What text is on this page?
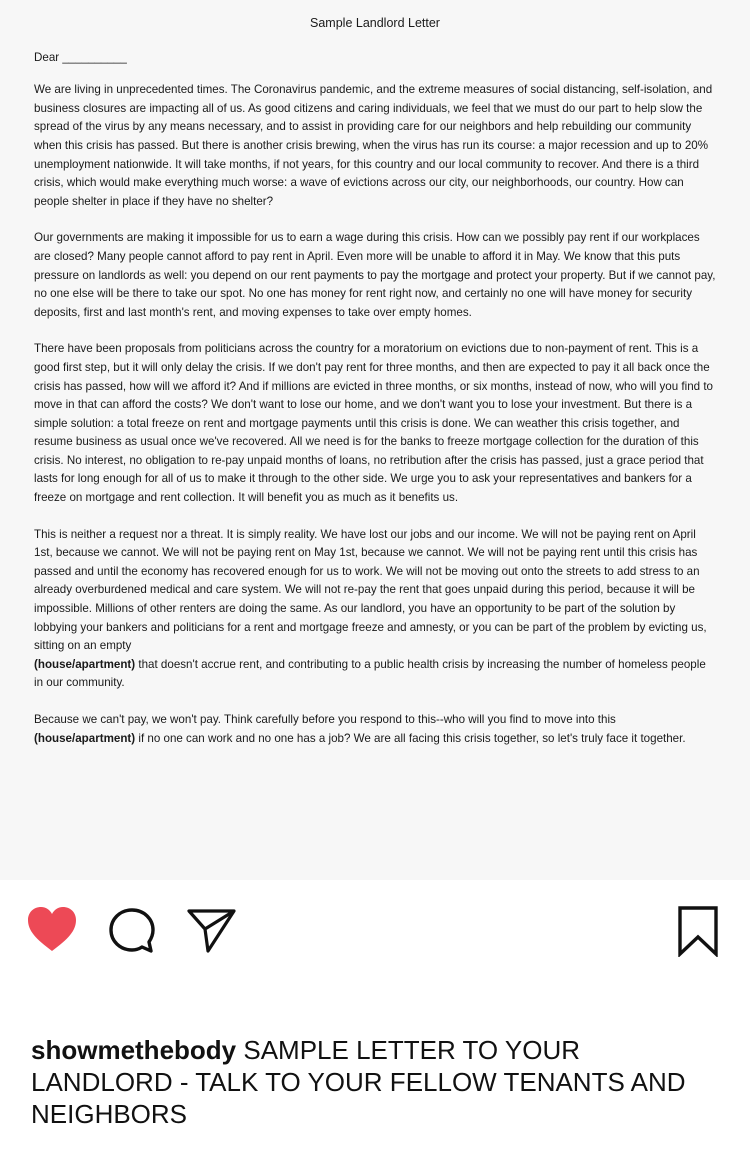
Sample Landlord Letter
Dear __________
We are living in unprecedented times. The Coronavirus pandemic, and the extreme measures of social distancing, self-isolation, and business closures are impacting all of us. As good citizens and caring individuals, we feel that we must do our part to help slow the spread of the virus by any means necessary, and to assist in providing care for our neighbors and help rebuilding our community when this crisis has passed. But there is another crisis brewing, when the virus has run its course: a major recession and up to 20% unemployment nationwide. It will take months, if not years, for this country and our local community to recover. And there is a third crisis, which would make everything much worse: a wave of evictions across our city, our neighborhoods, our country. How can people shelter in place if they have no shelter?
Our governments are making it impossible for us to earn a wage during this crisis. How can we possibly pay rent if our workplaces are closed? Many people cannot afford to pay rent in April. Even more will be unable to afford it in May. We know that this puts pressure on landlords as well: you depend on our rent payments to pay the mortgage and protect your property. But if we cannot pay, no one else will be there to take our spot. No one has money for rent right now, and certainly no one will have money for security deposits, first and last month's rent, and moving expenses to take over empty homes.
There have been proposals from politicians across the country for a moratorium on evictions due to non-payment of rent. This is a good first step, but it will only delay the crisis. If we don't pay rent for three months, and then are expected to pay it all back once the crisis has passed, how will we afford it? And if millions are evicted in three months, or six months, instead of now, who will you find to move in that can afford the costs? We don't want to lose our home, and we don't want you to lose your investment. But there is a simple solution: a total freeze on rent and mortgage payments until this crisis is done. We can weather this crisis together, and resume business as usual once we've recovered. All we need is for the banks to freeze mortgage collection for the duration of this crisis. No interest, no obligation to re-pay unpaid months of loans, no retribution after the crisis has passed, just a grace period that lasts for long enough for all of us to make it through to the other side. We urge you to ask your representatives and bankers for a freeze on mortgage and rent collection. It will benefit you as much as it benefits us.
This is neither a request nor a threat. It is simply reality. We have lost our jobs and our income. We will not be paying rent on April 1st, because we cannot. We will not be paying rent on May 1st, because we cannot. We will not be paying rent until this crisis has passed and until the economy has recovered enough for us to work. We will not be moving out onto the streets to add stress to an already overburdened medical and care system. We will not re-pay the rent that goes unpaid during this period, because it will be impossible. Millions of other renters are doing the same. As our landlord, you have an opportunity to be part of the solution by lobbying your bankers and politicians for a rent and mortgage freeze and amnesty, or you can be part of the problem by evicting us, sitting on an empty
(house/apartment) that doesn't accrue rent, and contributing to a public health crisis by increasing the number of homeless people in our community.
Because we can't pay, we won't pay. Think carefully before you respond to this--who will you find to move into this
(house/apartment) if no one can work and no one has a job? We are all facing this crisis together, so let's truly face it together.
showmethebody SAMPLE LETTER TO YOUR LANDLORD - TALK TO YOUR FELLOW TENANTS AND NEIGHBORS
